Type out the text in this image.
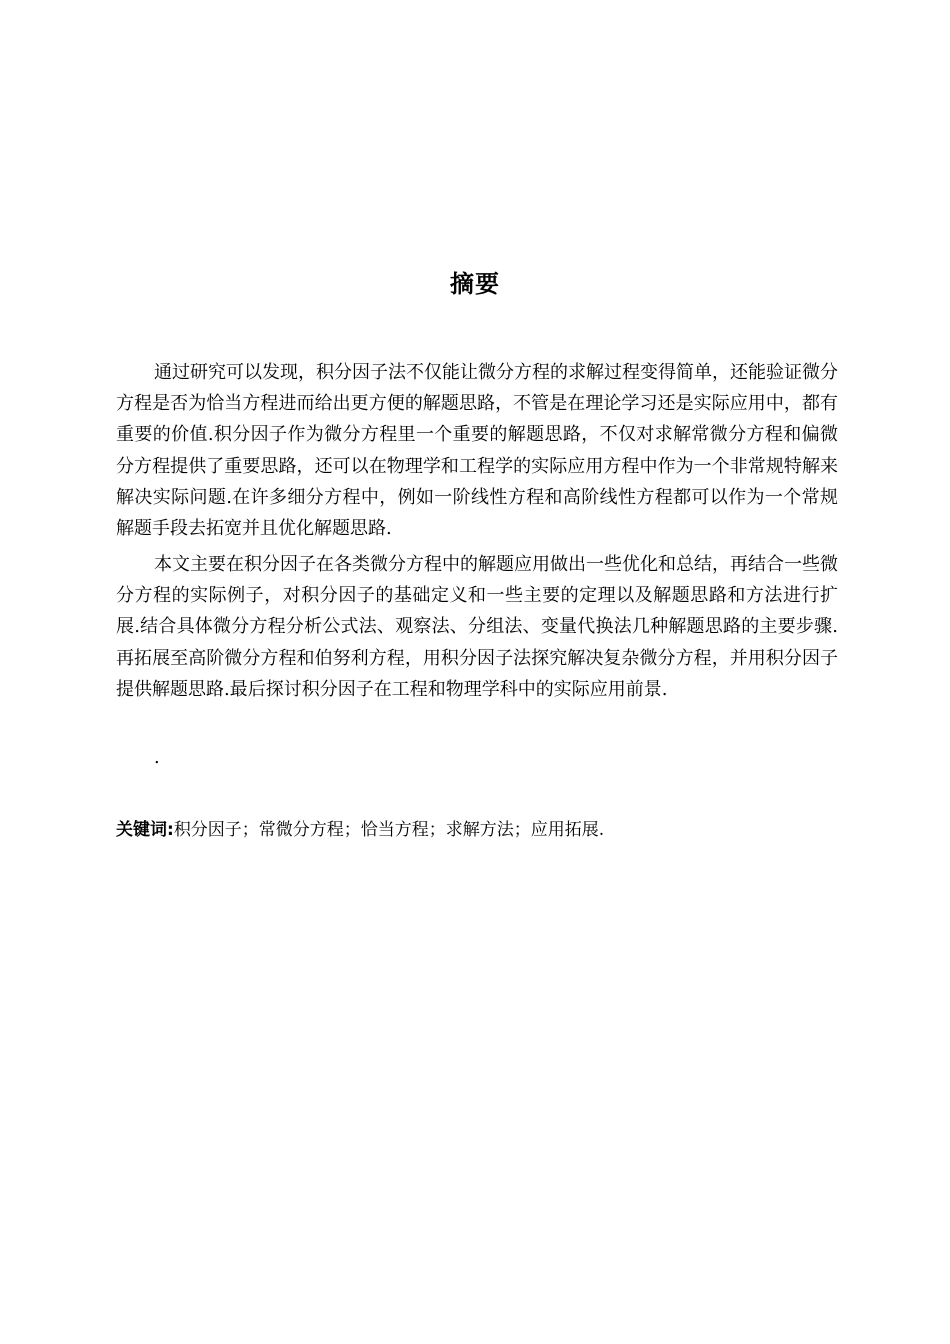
摘要

通过研究可以发现，积分因子法不仅能让微分方程的求解过程变得简单，还能验证微分方程是否为恰当方程进而给出更方便的解题思路，不管是在理论学习还是实际应用中，都有重要的价值.积分因子作为微分方程里一个重要的解题思路，不仅对求解常微分方程和偏微分方程提供了重要思路，还可以在物理学和工程学的实际应用方程中作为一个非常规特解来解决实际问题.在许多细分方程中，例如一阶线性方程和高阶线性方程都可以作为一个常规解题手段去拓宽并且优化解题思路.

本文主要在积分因子在各类微分方程中的解题应用做出一些优化和总结，再结合一些微分方程的实际例子，对积分因子的基础定义和一些主要的定理以及解题思路和方法进行扩展.结合具体微分方程分析公式法、观察法、分组法、变量代换法几种解题思路的主要步骤.再拓展至高阶微分方程和伯努利方程，用积分因子法探究解决复杂微分方程，并用积分因子提供解题思路.最后探讨积分因子在工程和物理学科中的实际应用前景.

.
关键词:积分因子；常微分方程；恰当方程；求解方法；应用拓展.
